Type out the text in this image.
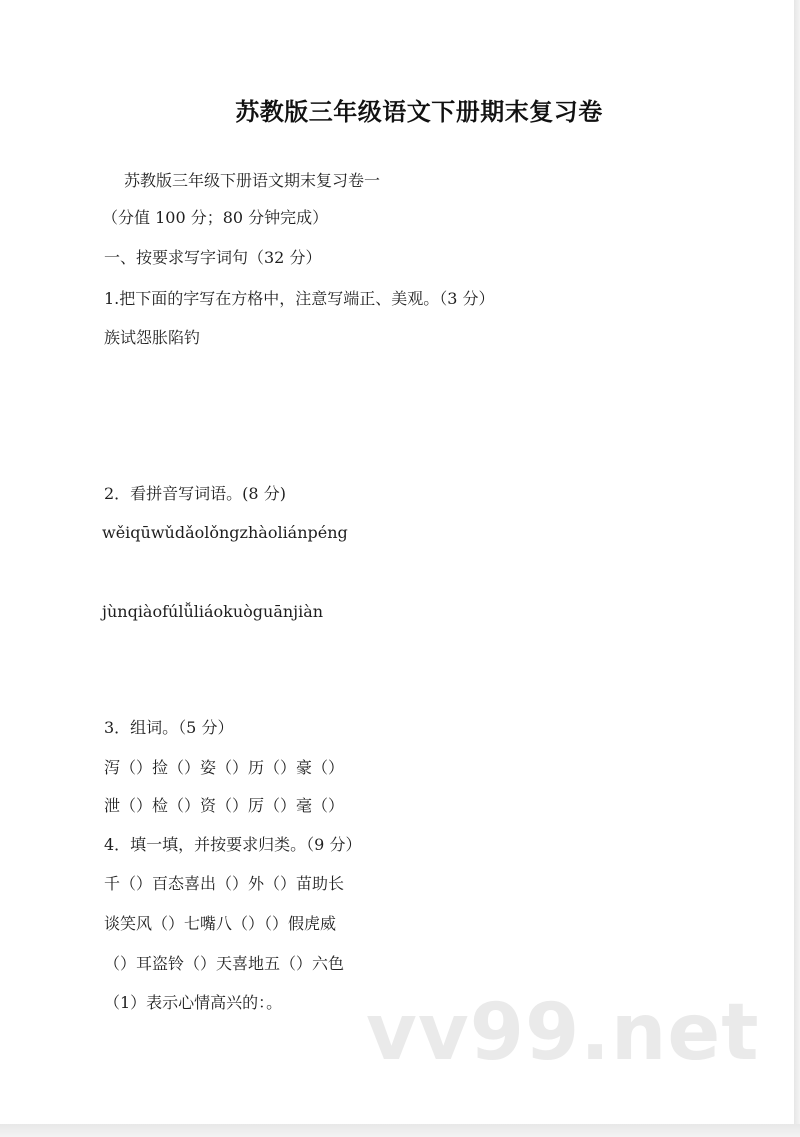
苏教版三年级语文下册期末复习卷
苏教版三年级下册语文期末复习卷一
（分值 100 分；80 分钟完成）
一、按要求写字词句（32 分）
1.把下面的字写在方格中，注意写端正、美观。（3 分）
族试怨胀陷钓
2．看拼音写词语。(8 分)
wěiqūwǔdǎolǒngzhàoliánpéng
jùnqiàofúlǚliáokuòguānjiàn
3．组词。（5 分）
泻（）捡（）姿（）历（）豪（）
泄（）检（）资（）厉（）毫（）
4．填一填，并按要求归类。（9 分）
千（）百态喜出（）外（）苗助长
谈笑风（）七嘴八（）（）假虎威
（）耳盗铃（）天喜地五（）六色
（1）表示心情高兴的：。 vv99.net
